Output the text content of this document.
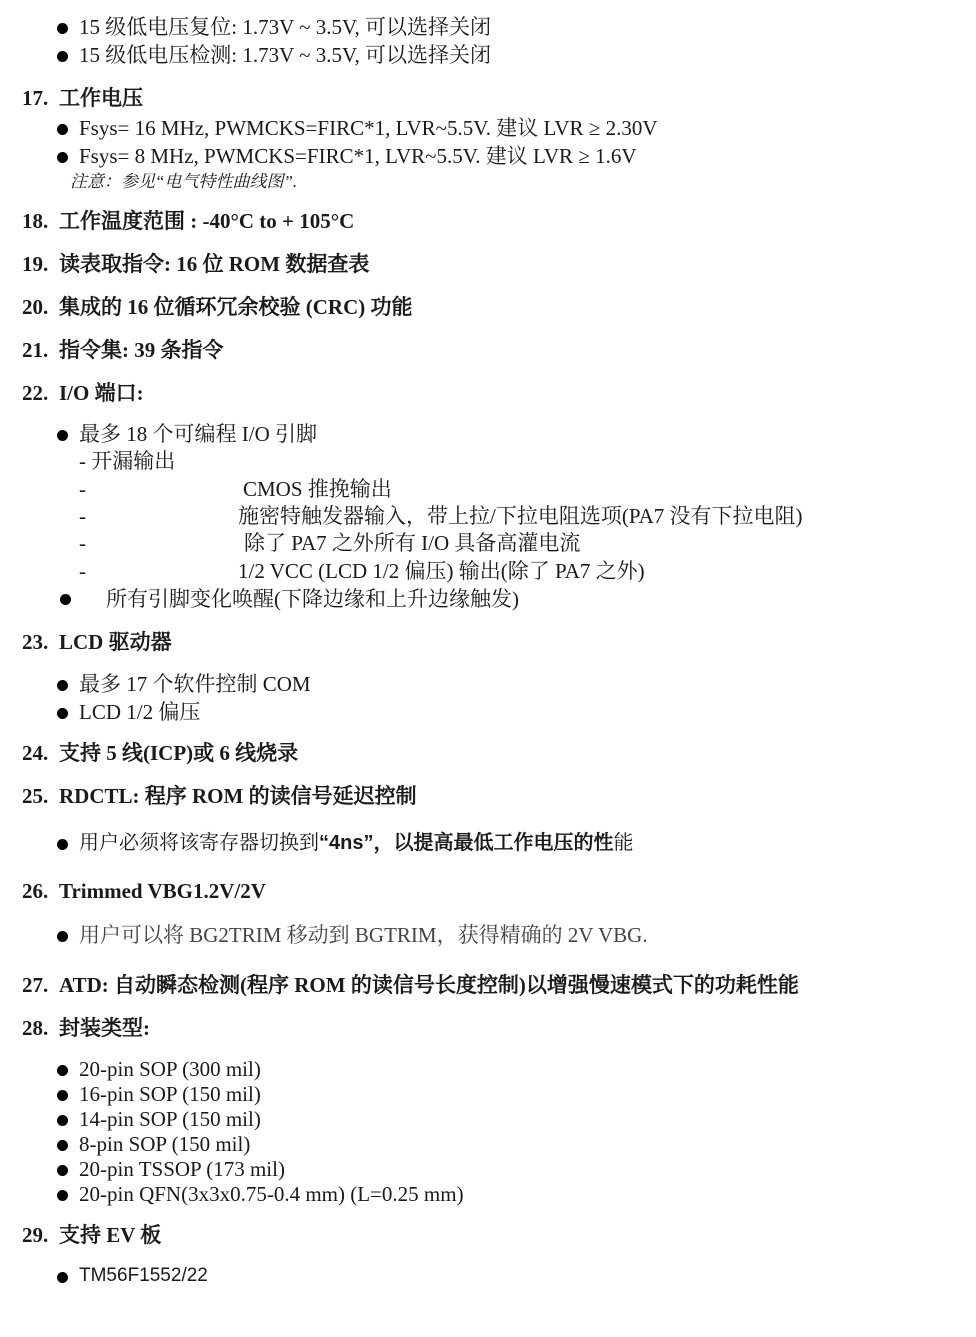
15 级低电压复位: 1.73V ~ 3.5V, 可以选择关闭
15 级低电压检测: 1.73V ~ 3.5V, 可以选择关闭
17. 工作电压
Fsys= 16 MHz, PWMCKS=FIRC*1, LVR~5.5V. 建议 LVR ≥ 2.30V
Fsys= 8 MHz, PWMCKS=FIRC*1, LVR~5.5V. 建议 LVR ≥ 1.6V
注意：参见“电气特性曲线图”.
18. 工作温度范围 : -40°C to + 105°C
19. 读表取指令: 16 位 ROM 数据查表
20. 集成的 16 位循环冗余校验 (CRC) 功能
21. 指令集: 39 条指令
22. I/O 端口:
最多 18 个可编程 I/O 引脚
- 开漏输出
-	CMOS 推挽输出
-	施密特触发器输入，带上拉/下拉电阻选项(PA7 没有下拉电阻)
-	除了 PA7 之外所有 I/O 具备高灌电流
-	1/2 VCC (LCD 1/2 偏压) 输出(除了 PA7 之外)
所有引脚变化唤醒(下降边缘和上升边缘触发)
23. LCD 驱动器
最多 17 个软件控制 COM
LCD 1/2 偏压
24. 支持 5 线(ICP)或 6 线烧录
25. RDCTL: 程序 ROM 的读信号延迟控制
用户必须将该寄存器切换到“4ns”，以提高最低工作电压的性能
26. Trimmed VBG1.2V/2V
用户可以将 BG2TRIM 移动到 BGTRIM，获得精确的 2V VBG.
27. ATD: 自动瞬态检测(程序 ROM 的读信号长度控制)以增强慢速模式下的功耗性能
28. 封装类型:
20-pin SOP (300 mil)
16-pin SOP (150 mil)
14-pin SOP (150 mil)
8-pin SOP (150 mil)
20-pin TSSOP (173 mil)
20-pin QFN(3x3x0.75-0.4 mm) (L=0.25 mm)
29. 支持 EV 板
TM56F1552/22
